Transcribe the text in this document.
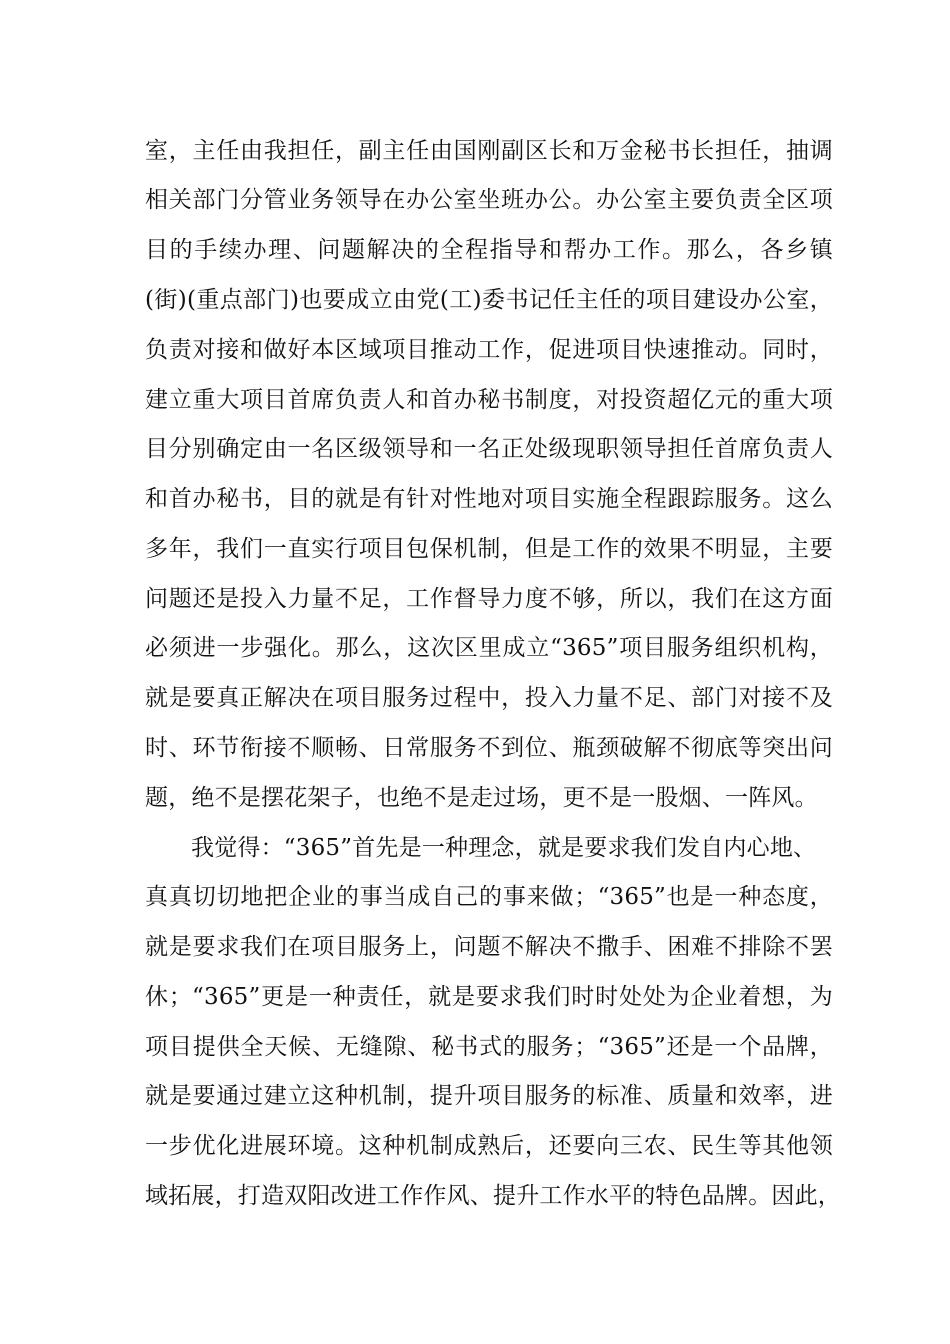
室，主任由我担任，副主任由国刚副区长和万金秘书长担任，抽调
相关部门分管业务领导在办公室坐班办公。办公室主要负责全区项
目的手续办理、问题解决的全程指导和帮办工作。那么，各乡镇
(街)(重点部门)也要成立由党(工)委书记任主任的项目建设办公室，
负责对接和做好本区域项目推动工作，促进项目快速推动。同时，
建立重大项目首席负责人和首办秘书制度，对投资超亿元的重大项
目分别确定由一名区级领导和一名正处级现职领导担任首席负责人
和首办秘书，目的就是有针对性地对项目实施全程跟踪服务。这么
多年，我们一直实行项目包保机制，但是工作的效果不明显，主要
问题还是投入力量不足，工作督导力度不够，所以，我们在这方面
必须进一步强化。那么，这次区里成立“365”项目服务组织机构，
就是要真正解决在项目服务过程中，投入力量不足、部门对接不及
时、环节衔接不顺畅、日常服务不到位、瓶颈破解不彻底等突出问
题，绝不是摆花架子，也绝不是走过场，更不是一股烟、一阵风。
我觉得：“365”首先是一种理念，就是要求我们发自内心地、
真真切切地把企业的事当成自己的事来做；“365”也是一种态度，
就是要求我们在项目服务上，问题不解决不撒手、困难不排除不罢
休；“365”更是一种责任，就是要求我们时时处处为企业着想，为
项目提供全天候、无缝隙、秘书式的服务；“365”还是一个品牌，
就是要通过建立这种机制，提升项目服务的标准、质量和效率，进
一步优化进展环境。这种机制成熟后，还要向三农、民生等其他领
域拓展，打造双阳改进工作作风、提升工作水平的特色品牌。因此，
